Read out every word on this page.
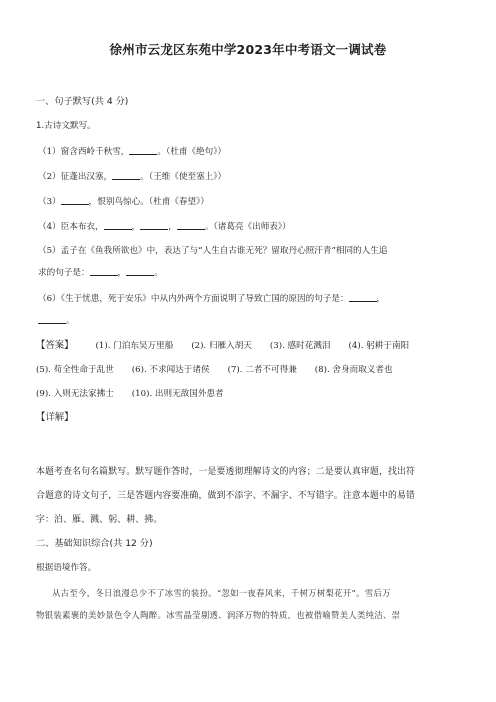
徐州市云龙区东苑中学2023年中考语文一调试卷
一、句子默写(共 4 分)
1.古诗文默写。
（1）窗含西岭千秋雪，	。（杜甫《绝句》）
（2）征蓬出汉塞，	。（王维《使至塞上》）
（3）	，恨别鸟惊心。（杜甫《春望》）
（4）臣本布衣，	，	，	。（诸葛亮《出师表》）
（5）孟子在《鱼我所欲也》中，表达了与“人生自古谁无死？留取丹心照汗青”相同的人生追
求的句子是：	，	。
（6）《生于忧患，死于安乐》中从内外两个方面说明了导致亡国的原因的句子是：	，
。
【答案】	(1). 门泊东吴万里船 (2). 归雁入胡天 (3). 感时花溅泪 (4). 躬耕于南阳
(5). 苟全性命于乱世 (6). 不求闻达于诸侯 (7). 二者不可得兼 (8). 舍身而取义者也
(9). 入则无法家拂士 (10). 出则无敌国外患者
【详解】
本题考查名句名篇默写。默写题作答时，一是要透彻理解诗文的内容；二是要认真审题，找出符
合题意的诗文句子，三是答题内容要准确，做到不添字、不漏字、不写错字。注意本题中的易错
字：泊、雁、溅、躬、耕、拂。
二、基础知识综合(共 12 分)
根据语境作答。
从古至今，冬日浪漫总少不了冰雪的装扮。“忽如一夜春风来，千树万树梨花开”。雪后万
物银装素裹的美妙景色令人陶醉。冰雪晶莹剔透、润泽万物的特质，也被借喻赞美人类纯洁、崇
